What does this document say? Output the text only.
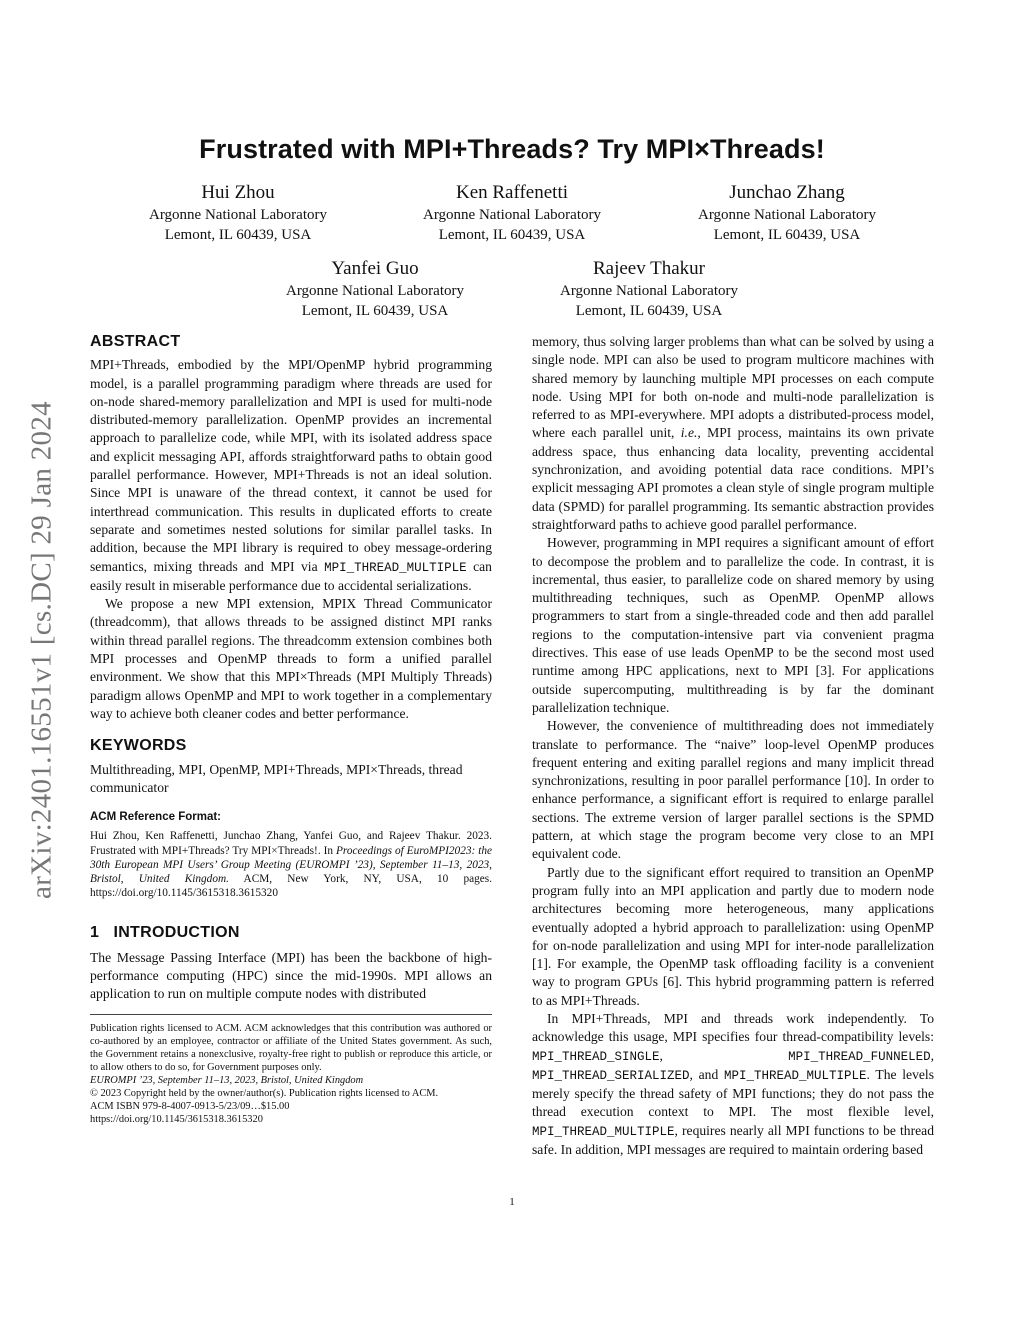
arXiv:2401.16551v1 [cs.DC] 29 Jan 2024
Frustrated with MPI+Threads? Try MPI×Threads!
Hui Zhou
Argonne National Laboratory
Lemont, IL 60439, USA
Ken Raffenetti
Argonne National Laboratory
Lemont, IL 60439, USA
Junchao Zhang
Argonne National Laboratory
Lemont, IL 60439, USA
Yanfei Guo
Argonne National Laboratory
Lemont, IL 60439, USA
Rajeev Thakur
Argonne National Laboratory
Lemont, IL 60439, USA
ABSTRACT

MPI+Threads, embodied by the MPI/OpenMP hybrid programming model, is a parallel programming paradigm where threads are used for on-node shared-memory parallelization and MPI is used for multi-node distributed-memory parallelization. OpenMP provides an incremental approach to parallelize code, while MPI, with its isolated address space and explicit messaging API, affords straightforward paths to obtain good parallel performance. However, MPI+Threads is not an ideal solution. Since MPI is unaware of the thread context, it cannot be used for interthread communication. This results in duplicated efforts to create separate and sometimes nested solutions for similar parallel tasks. In addition, because the MPI library is required to obey message-ordering semantics, mixing threads and MPI via MPI_THREAD_MULTIPLE can easily result in miserable performance due to accidental serializations.

We propose a new MPI extension, MPIX Thread Communicator (threadcomm), that allows threads to be assigned distinct MPI ranks within thread parallel regions. The threadcomm extension combines both MPI processes and OpenMP threads to form a unified parallel environment. We show that this MPI×Threads (MPI Multiply Threads) paradigm allows OpenMP and MPI to work together in a complementary way to achieve both cleaner codes and better performance.

KEYWORDS

Multithreading, MPI, OpenMP, MPI+Threads, MPI×Threads, thread communicator

ACM Reference Format:

Hui Zhou, Ken Raffenetti, Junchao Zhang, Yanfei Guo, and Rajeev Thakur. 2023. Frustrated with MPI+Threads? Try MPI×Threads!. In Proceedings of EuroMPI2023: the 30th European MPI Users’ Group Meeting (EUROMPI ’23), September 11–13, 2023, Bristol, United Kingdom. ACM, New York, NY, USA, 10 pages. https://doi.org/10.1145/3615318.3615320

1 INTRODUCTION

The Message Passing Interface (MPI) has been the backbone of high-performance computing (HPC) since the mid-1990s. MPI allows an application to run on multiple compute nodes with distributed

Publication rights licensed to ACM. ACM acknowledges that this contribution was authored or co-authored by an employee, contractor or affiliate of the United States government. As such, the Government retains a nonexclusive, royalty-free right to publish or reproduce this article, or to allow others to do so, for Government purposes only.

EUROMPI ’23, September 11–13, 2023, Bristol, United Kingdom

© 2023 Copyright held by the owner/author(s). Publication rights licensed to ACM.

ACM ISBN 979-8-4007-0913-5/23/09…$15.00

https://doi.org/10.1145/3615318.3615320

memory, thus solving larger problems than what can be solved by using a single node. MPI can also be used to program multicore machines with shared memory by launching multiple MPI processes on each compute node. Using MPI for both on-node and multi-node parallelization is referred to as MPI-everywhere. MPI adopts a distributed-process model, where each parallel unit, i.e., MPI process, maintains its own private address space, thus enhancing data locality, preventing accidental synchronization, and avoiding potential data race conditions. MPI’s explicit messaging API promotes a clean style of single program multiple data (SPMD) for parallel programming. Its semantic abstraction provides straightforward paths to achieve good parallel performance.

However, programming in MPI requires a significant amount of effort to decompose the problem and to parallelize the code. In contrast, it is incremental, thus easier, to parallelize code on shared memory by using multithreading techniques, such as OpenMP. OpenMP allows programmers to start from a single-threaded code and then add parallel regions to the computation-intensive part via convenient pragma directives. This ease of use leads OpenMP to be the second most used runtime among HPC applications, next to MPI [3]. For applications outside supercomputing, multithreading is by far the dominant parallelization technique.

However, the convenience of multithreading does not immediately translate to performance. The “naive” loop-level OpenMP produces frequent entering and exiting parallel regions and many implicit thread synchronizations, resulting in poor parallel performance [10]. In order to enhance performance, a significant effort is required to enlarge parallel sections. The extreme version of larger parallel sections is the SPMD pattern, at which stage the program become very close to an MPI equivalent code.

Partly due to the significant effort required to transition an OpenMP program fully into an MPI application and partly due to modern node architectures becoming more heterogeneous, many applications eventually adopted a hybrid approach to parallelization: using OpenMP for on-node parallelization and using MPI for inter-node parallelization [1]. For example, the OpenMP task offloading facility is a convenient way to program GPUs [6]. This hybrid programming pattern is referred to as MPI+Threads.

In MPI+Threads, MPI and threads work independently. To acknowledge this usage, MPI specifies four thread-compatibility levels: MPI_THREAD_SINGLE,	MPI_THREAD_FUNNELED, MPI_THREAD_SERIALIZED, and MPI_THREAD_MULTIPLE. The levels merely specify the thread safety of MPI functions; they do not pass the thread execution context to MPI. The most flexible level, MPI_THREAD_MULTIPLE, requires nearly all MPI functions to be thread safe. In addition, MPI messages are required to maintain ordering based

1
